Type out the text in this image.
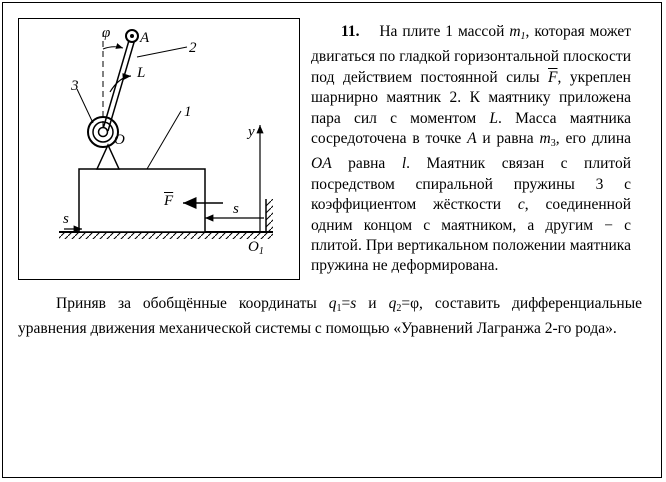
φ A
2
3
L
O
1
y
$\overline{F}$
s
s
$O_1$
11. На плите 1 массой $m_1$, которая может двигаться по гладкой горизонтальной плоскости под действием постоянной силы $\overline{F}$, укреплен шарнирно маятник 2. К маятнику приложена пара сил с моментом L. Масса маятника сосредоточена в точке A и равна $m_3$, его длина OA равна l. Маятник связан с плитой посредством спиральной пружины 3 с коэффициентом жёсткости c, соединенной одним концом с маятником, а другим − с плитой. При вертикальном положении маятника пружина не деформирована.
Приняв за обобщённые координаты $q_1=s$ и $q_2=\varphi$, составить дифференциальные уравнения движения механической системы с помощью «Уравнений Лагранжа 2-го рода».
